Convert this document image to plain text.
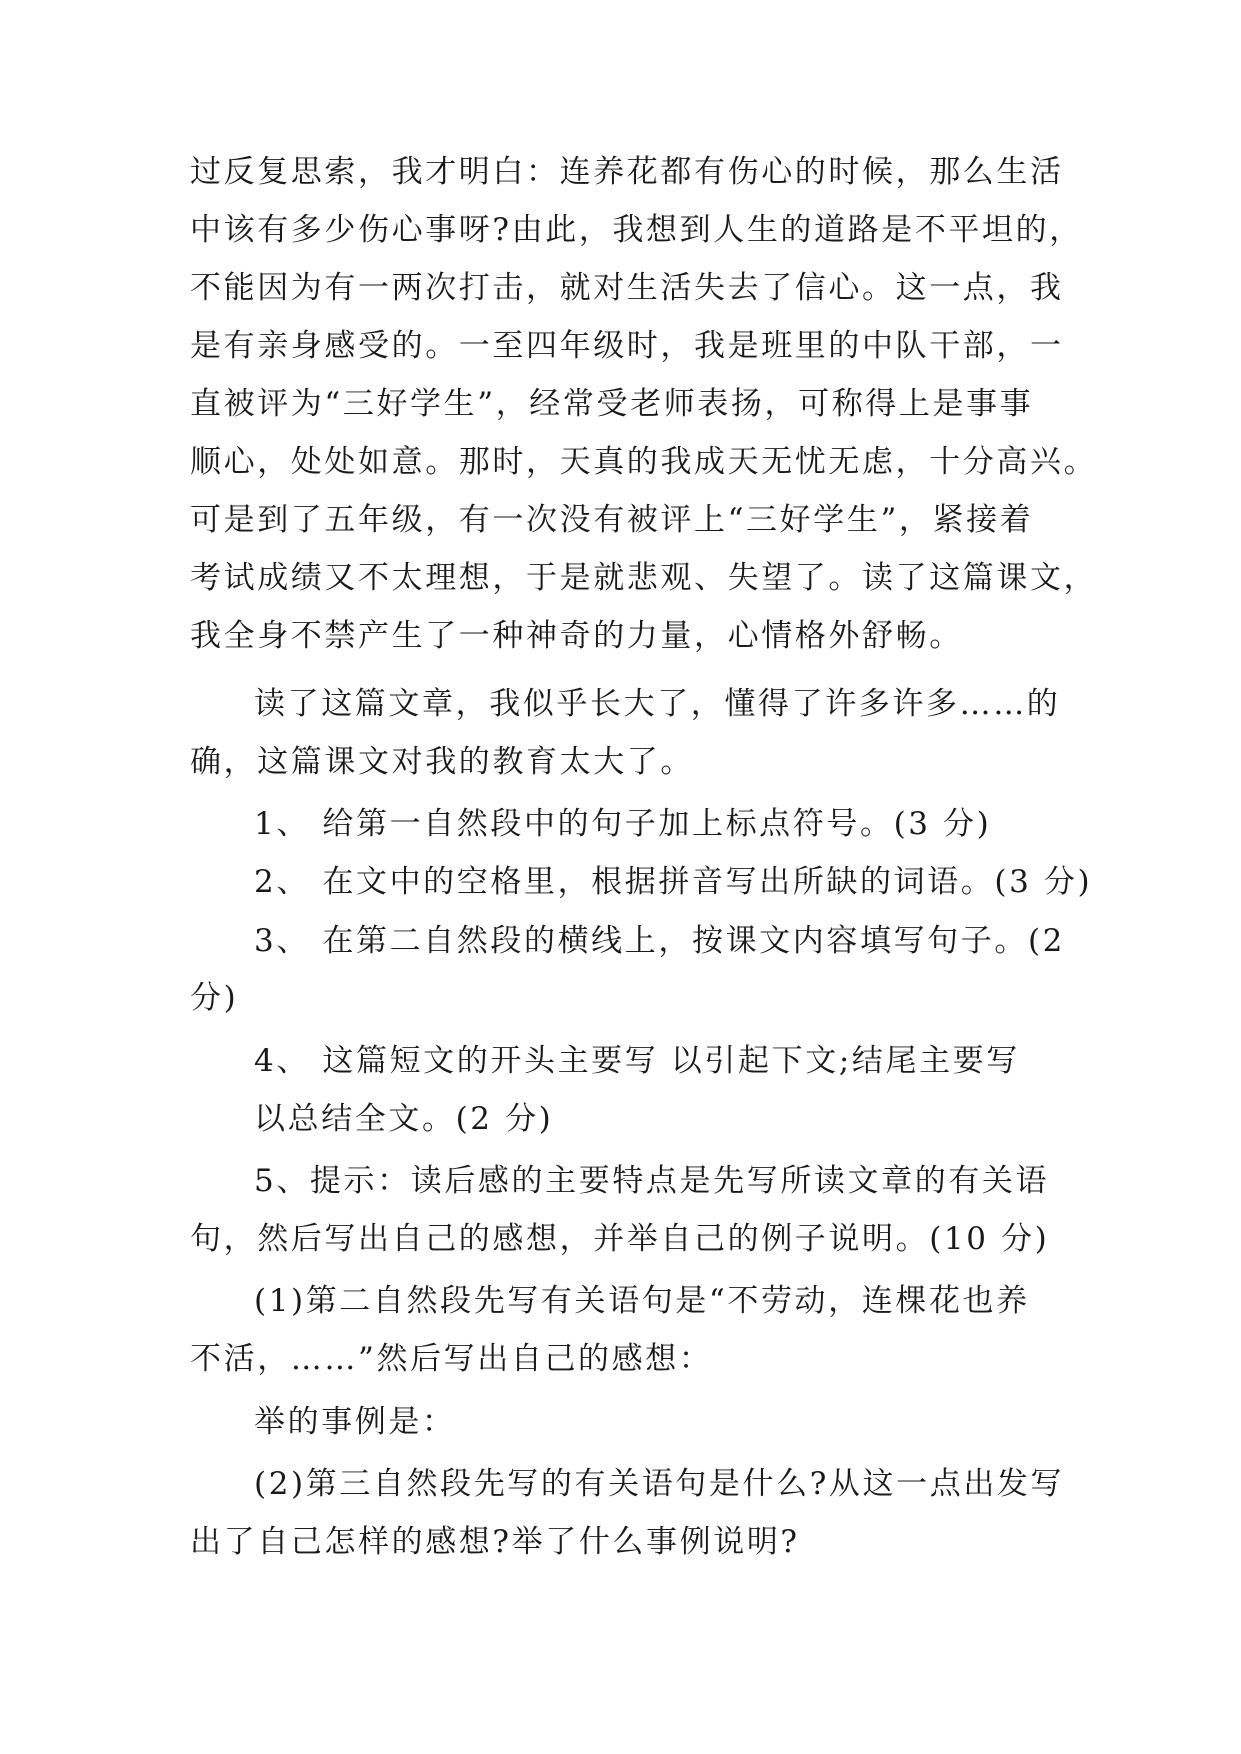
过反复思索，我才明白：连养花都有伤心的时候，那么生活
中该有多少伤心事呀?由此，我想到人生的道路是不平坦的，
不能因为有一两次打击，就对生活失去了信心。这一点，我
是有亲身感受的。一至四年级时，我是班里的中队干部，一
直被评为“三好学生”，经常受老师表扬，可称得上是事事
顺心，处处如意。那时，天真的我成天无忧无虑，十分高兴。
可是到了五年级，有一次没有被评上“三好学生”，紧接着
考试成绩又不太理想，于是就悲观、失望了。读了这篇课文，
我全身不禁产生了一种神奇的力量，心情格外舒畅。
读了这篇文章，我似乎长大了，懂得了许多许多……的
确，这篇课文对我的教育太大了。
1、 给第一自然段中的句子加上标点符号。(3 分)
2、 在文中的空格里，根据拼音写出所缺的词语。(3 分)
3、 在第二自然段的横线上，按课文内容填写句子。(2
分)
4、 这篇短文的开头主要写 以引起下文;结尾主要写
以总结全文。(2 分)
5、提示：读后感的主要特点是先写所读文章的有关语
句，然后写出自己的感想，并举自己的例子说明。(10 分)
(1)第二自然段先写有关语句是“不劳动，连棵花也养
不活，……”然后写出自己的感想：
举的事例是：
(2)第三自然段先写的有关语句是什么?从这一点出发写
出了自己怎样的感想?举了什么事例说明?
